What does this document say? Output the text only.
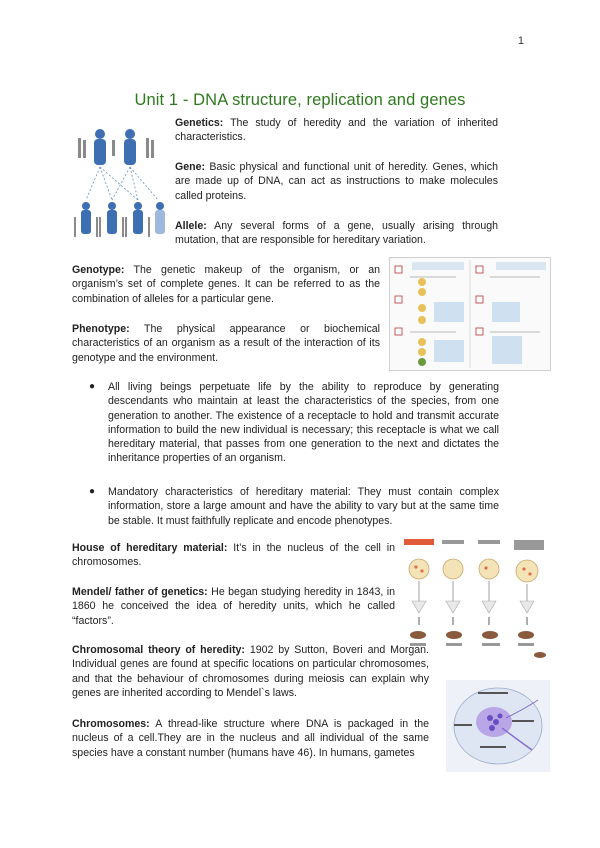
1
Unit 1 - DNA structure, replication and genes
Genetics: The study of heredity and the variation of inherited characteristics.
Gene: Basic physical and functional unit of heredity. Genes, which are made up of DNA, can act as instructions to make molecules called proteins.
Allele: Any several forms of a gene, usually arising through mutation, that are responsible for hereditary variation.
Genotype: The genetic makeup of the organism, or an organism’s set of complete genes. It can be referred to as the combination of alleles for a particular gene.
Phenotype: The physical appearance or biochemical characteristics of an organism as a result of the interaction of its genotype and the environment.
● All living beings perpetuate life by the ability to reproduce by generating descendants who maintain at least the characteristics of the species, from one generation to another. The existence of a receptacle to hold and transmit accurate information to build the new individual is necessary; this receptacle is what we call hereditary material, that passes from one generation to the next and dictates the inheritance properties of an organism.
● Mandatory characteristics of hereditary material: They must contain complex information, store a large amount and have the ability to vary but at the same time be stable. It must faithfully replicate and encode phenotypes.
House of hereditary material: It’s in the nucleus of the cell in chromosomes.
Mendel/ father of genetics: He began studying heredity in 1843, in 1860 he conceived the idea of heredity units, which he called “factors”.
Chromosomal theory of heredity: 1902 by Sutton, Boveri and Morgan. Individual genes are found at specific locations on particular chromosomes, and that the behaviour of chromosomes during meiosis can explain why genes are inherited according to Mendel`s laws.
Chromosomes: A thread-like structure where DNA is packaged in the nucleus of a cell.They are in the nucleus and all individual of the same species have a constant number (humans have 46). In humans, gametes
